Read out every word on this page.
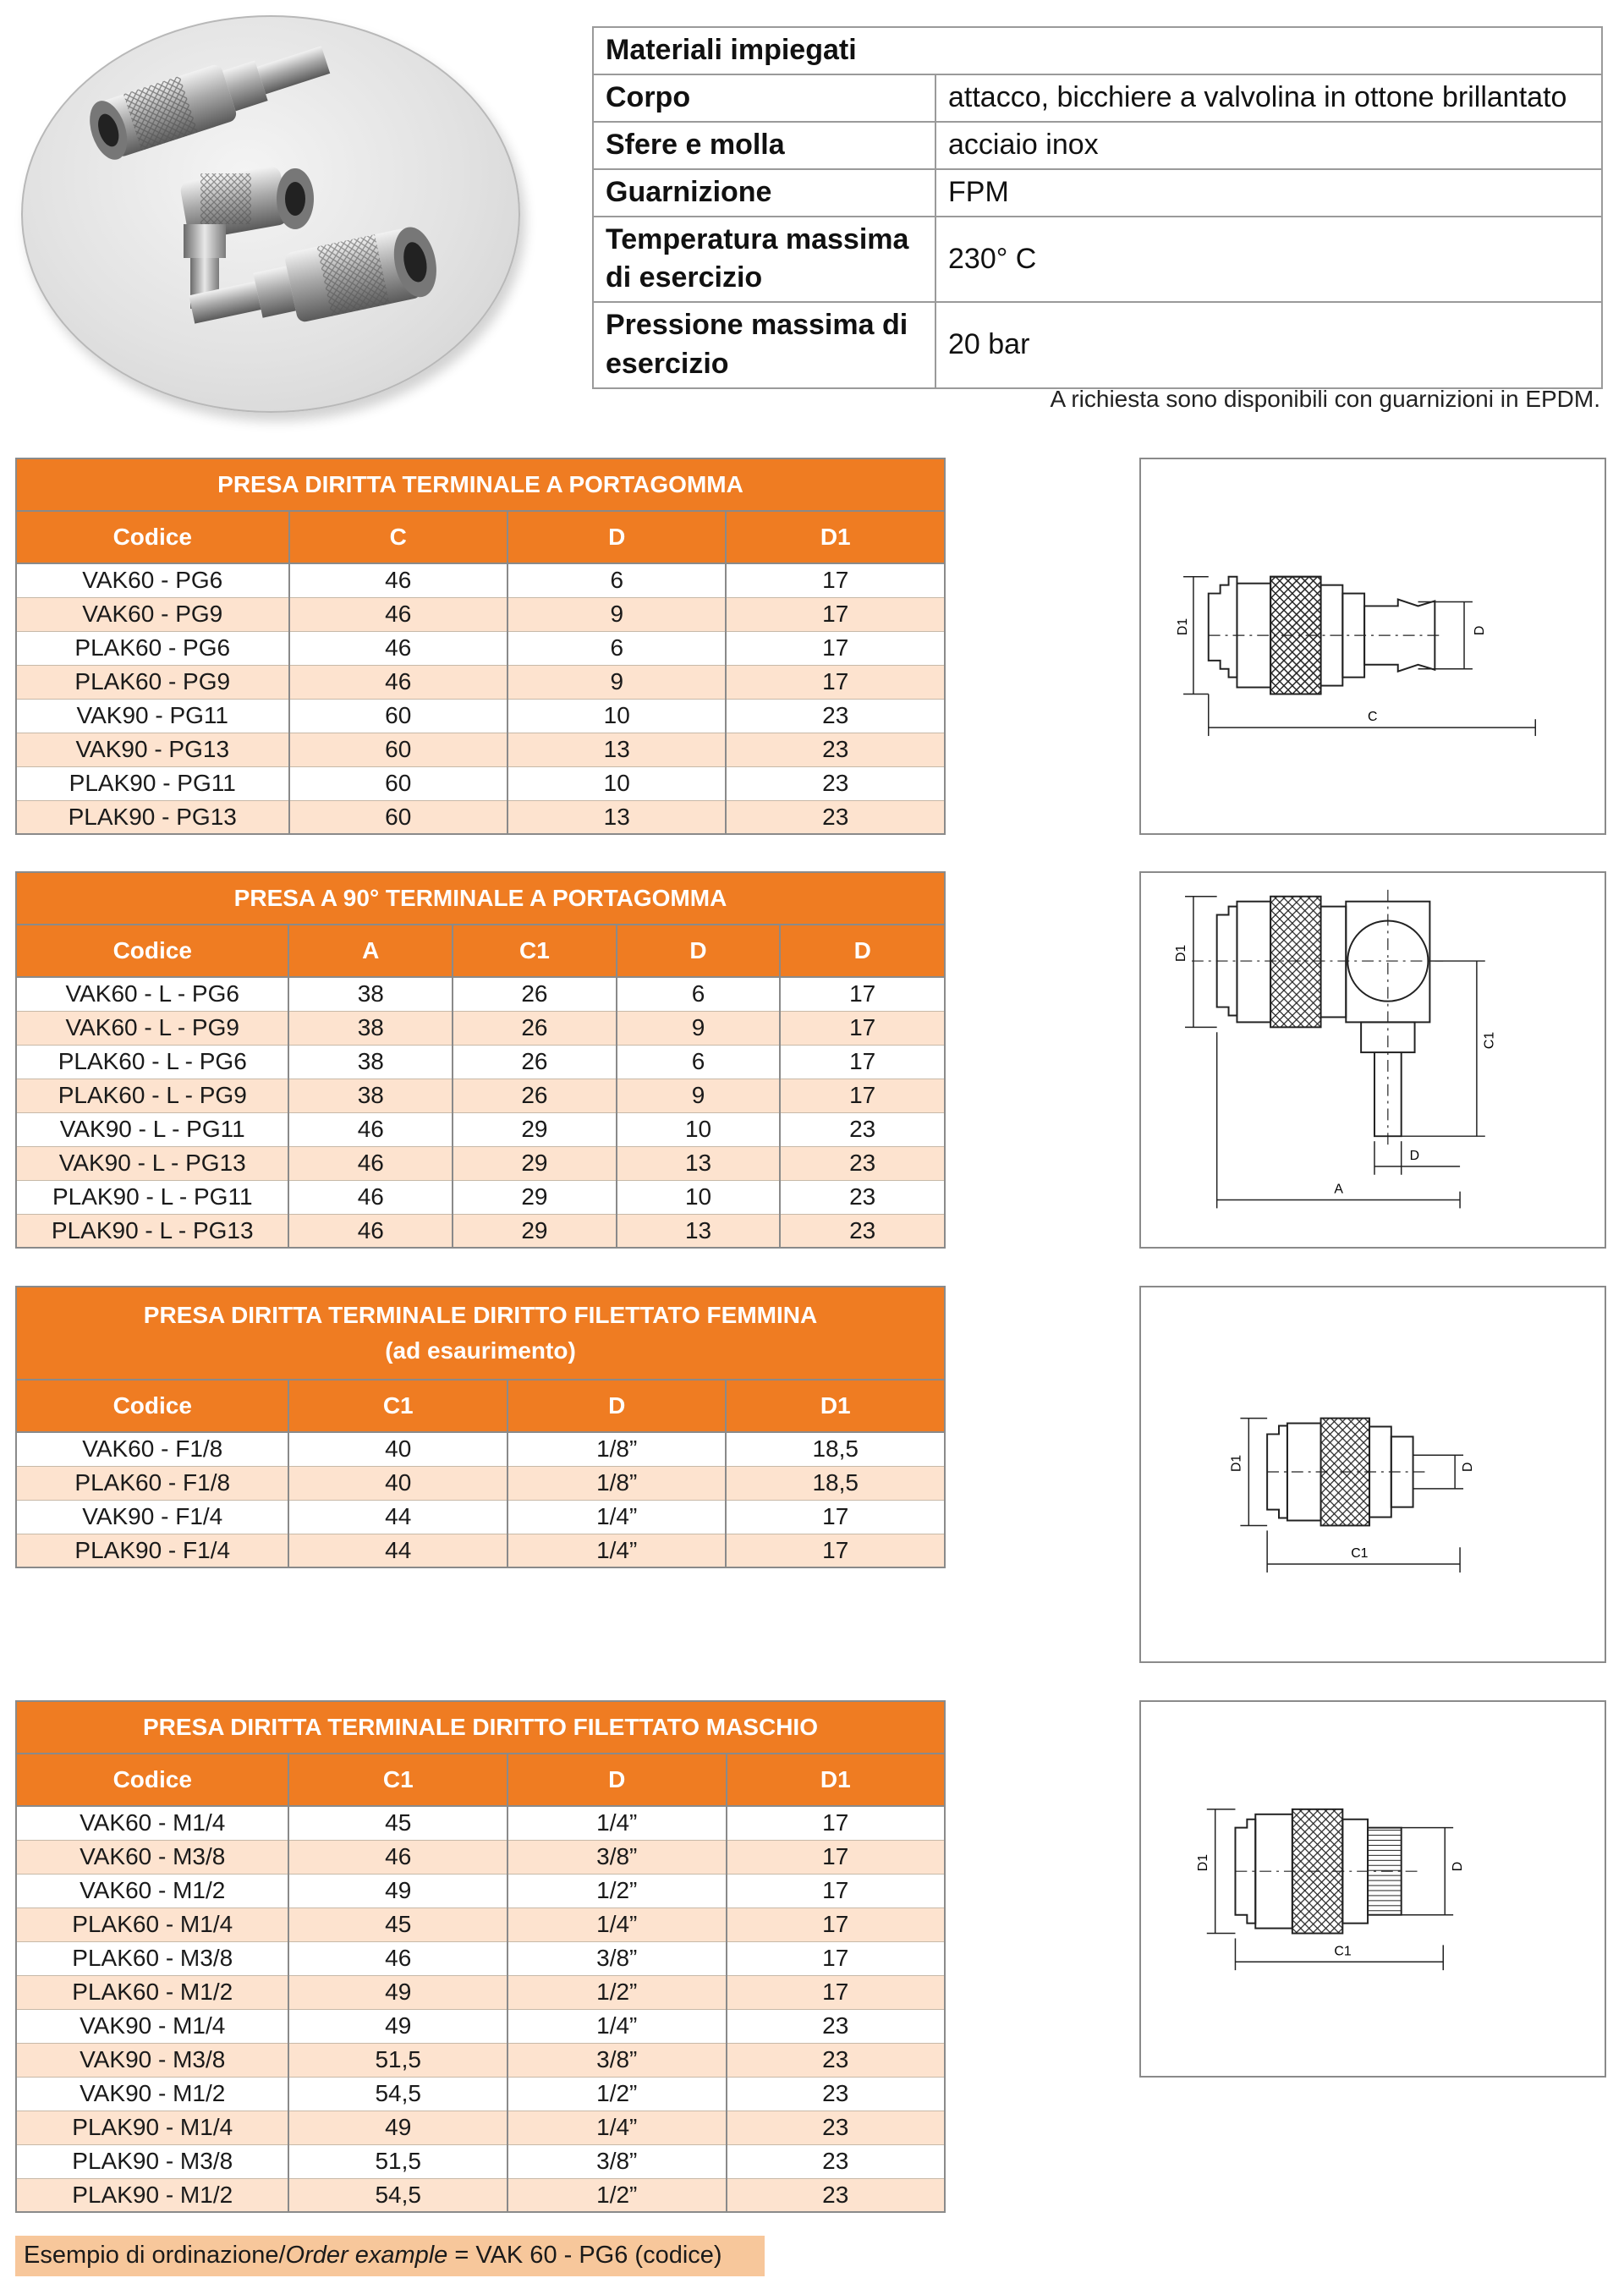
Materiali impiegati	
Corpo	attacco, bicchiere a valvolina in ottone brillantato
Sfere e molla	acciaio inox
Guarnizione	FPM
Temperatura massima di esercizio	230° C
Pressione massima di esercizio	20 bar
A richiesta sono disponibili con guarnizioni in EPDM.
PRESA DIRITTA TERMINALE A PORTAGOMMA			
Codice	C	D	D1
VAK60 - PG6	46	6	17
VAK60 - PG9	46	9	17
PLAK60 - PG6	46	6	17
PLAK60 - PG9	46	9	17
VAK90 - PG11	60	10	23
VAK90 - PG13	60	13	23
PLAK90 - PG11	60	10	23
PLAK90 - PG13	60	13	23
PRESA A 90° TERMINALE A PORTAGOMMA				
Codice	A	C1	D	D
VAK60 - L - PG6	38	26	6	17
VAK60 - L - PG9	38	26	9	17
PLAK60 - L - PG6	38	26	6	17
PLAK60 - L - PG9	38	26	9	17
VAK90 - L - PG11	46	29	10	23
VAK90 - L - PG13	46	29	13	23
PLAK90 - L - PG11	46	29	10	23
PLAK90 - L - PG13	46	29	13	23
PRESA DIRITTA TERMINALE DIRITTO FILETTATO FEMMINA
(ad esaurimento)			

Codice	C1	D	D1
VAK60 - F1/8	40	1/8”	18,5
PLAK60 - F1/8	40	1/8”	18,5
VAK90 - F1/4	44	1/4”	17
PLAK90 - F1/4	44	1/4”	17
PRESA DIRITTA TERMINALE DIRITTO FILETTATO MASCHIO			
Codice	C1	D	D1
VAK60 - M1/4	45	1/4”	17
VAK60 - M3/8	46	3/8”	17
VAK60 - M1/2	49	1/2”	17
PLAK60 - M1/4	45	1/4”	17
PLAK60 - M3/8	46	3/8”	17
PLAK60 - M1/2	49	1/2”	17
VAK90 - M1/4	49	1/4”	23
VAK90 - M3/8	51,5	3/8”	23
VAK90 - M1/2	54,5	1/2”	23
PLAK90 - M1/4	49	1/4”	23
PLAK90 - M3/8	51,5	3/8”	23
PLAK90 - M1/2	54,5	1/2”	23
D1	D
C
D1
C1
D
A
D1	D
C1
D1	D
C1
Esempio di ordinazione/Order example = VAK 60 - PG6 (codice)
